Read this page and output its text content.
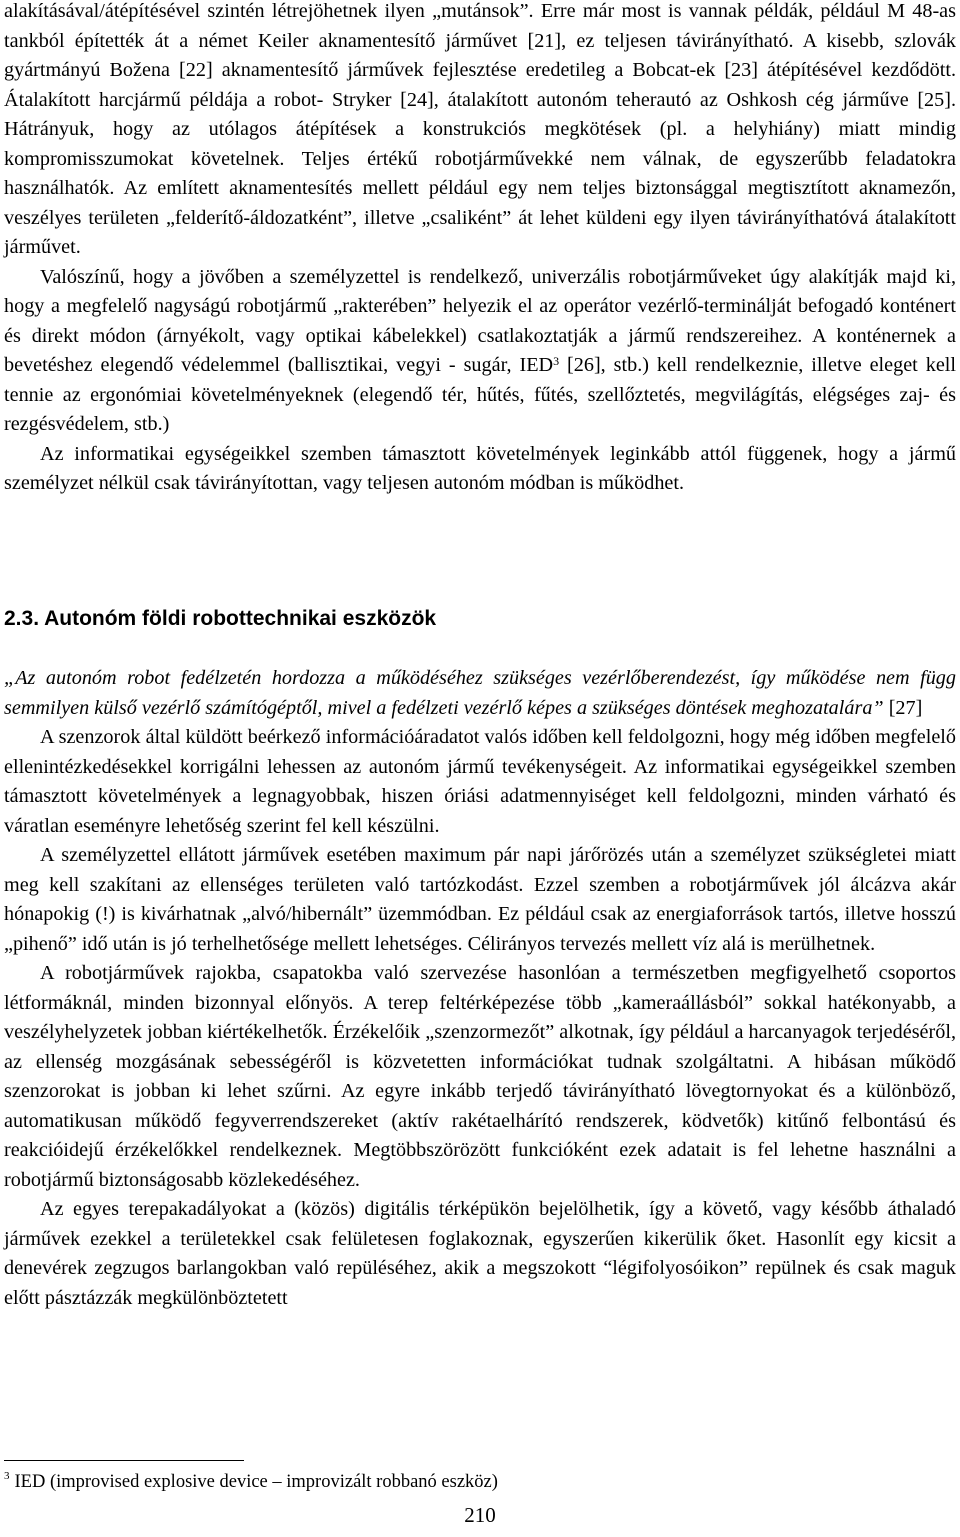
alakításával/átépítésével szintén létrejöhetnek ilyen „mutánsok”. Erre már most is vannak példák, például M 48-as tankból építették át a német Keiler aknamentesítő járművet [21], ez teljesen távirányítható. A kisebb, szlovák gyártmányú Božena [22] aknamentesítő járművek fejlesztése eredetileg a Bobcat-ek [23] átépítésével kezdődött. Átalakított harcjármű példája a robot- Stryker [24], átalakított autonóm teherautó az Oshkosh cég járműve [25]. Hátrányuk, hogy az utólagos átépítések a konstrukciós megkötések (pl. a helyhiány) miatt mindig kompromisszumokat követelnek. Teljes értékű robotjárművekké nem válnak, de egyszerűbb feladatokra használhatók. Az említett aknamentesítés mellett például egy nem teljes biztonsággal megtisztított aknamezőn, veszélyes területen „felderítő-áldozatként”, illetve „csaliként” át lehet küldeni egy ilyen távirányíthatóvá átalakított járművet.

Valószínű, hogy a jövőben a személyzettel is rendelkező, univerzális robotjárműveket úgy alakítják majd ki, hogy a megfelelő nagyságú robotjármű „rakterében” helyezik el az operátor vezérlő-terminálját befogadó konténert és direkt módon (árnyékolt, vagy optikai kábelekkel) csatlakoztatják a jármű rendszereihez. A konténernek a bevetéshez elegendő védelemmel (ballisztikai, vegyi - sugár, IED$^3$ [26], stb.) kell rendelkeznie, illetve eleget kell tennie az ergonómiai követelményeknek (elegendő tér, hűtés, fűtés, szellőztetés, megvilágítás, elégséges zaj- és rezgésvédelem, stb.)

Az informatikai egységeikkel szemben támasztott követelmények leginkább attól függenek, hogy a jármű személyzet nélkül csak távirányítottan, vagy teljesen autonóm módban is működhet.

2.3. Autonóm földi robottechnikai eszközök

„Az autonóm robot fedélzetén hordozza a működéséhez szükséges vezérlőberendezést, így működése nem függ semmilyen külső vezérlő számítógéptől, mivel a fedélzeti vezérlő képes a szükséges döntések meghozatalára” [27]

A szenzorok által küldött beérkező információáradatot valós időben kell feldolgozni, hogy még időben megfelelő ellenintézkedésekkel korrigálni lehessen az autonóm jármű tevékenységeit. Az informatikai egységeikkel szemben támasztott követelmények a legnagyobbak, hiszen óriási adatmennyiséget kell feldolgozni, minden várható és váratlan eseményre lehetőség szerint fel kell készülni.

A személyzettel ellátott járművek esetében maximum pár napi járőrözés után a személyzet szükségletei miatt meg kell szakítani az ellenséges területen való tartózkodást. Ezzel szemben a robotjárművek jól álcázva akár hónapokig (!) is kivárhatnak „alvó/hibernált” üzemmódban. Ez például csak az energiaforrások tartós, illetve hosszú „pihenő” idő után is jó terhelhetősége mellett lehetséges. Célirányos tervezés mellett víz alá is merülhetnek.

A robotjárművek rajokba, csapatokba való szervezése hasonlóan a természetben megfigyelhető csoportos létformáknál, minden bizonnyal előnyös. A terep feltérképezése több „kameraállásból” sokkal hatékonyabb, a veszélyhelyzetek jobban kiértékelhetők. Érzékelőik „szenzormezőt” alkotnak, így például a harcanyagok terjedéséről, az ellenség mozgásának sebességéről is közvetetten információkat tudnak szolgáltatni. A hibásan működő szenzorokat is jobban ki lehet szűrni. Az egyre inkább terjedő távirányítható lövegtornyokat és a különböző, automatikusan működő fegyverrendszereket (aktív rakétaelhárító rendszerek, ködvetők) kitűnő felbontású és reakcióidejű érzékelőkkel rendelkeznek. Megtöbbszörözött funkcióként ezek adatait is fel lehetne használni a robotjármű biztonságosabb közlekedéséhez.

Az egyes terepakadályokat a (közös) digitális térképükön bejelölhetik, így a követő, vagy később áthaladó járművek ezekkel a területekkel csak felületesen foglakoznak, egyszerűen kikerülik őket. Hasonlít egy kicsit a denevérek zegzugos barlangokban való repüléséhez, akik a megszokott “légifolyosóikon” repülnek és csak maguk előtt pásztázzák megkülönböztetett

$^3$ IED (improvised explosive device – improvizált robbanó eszköz)
210
